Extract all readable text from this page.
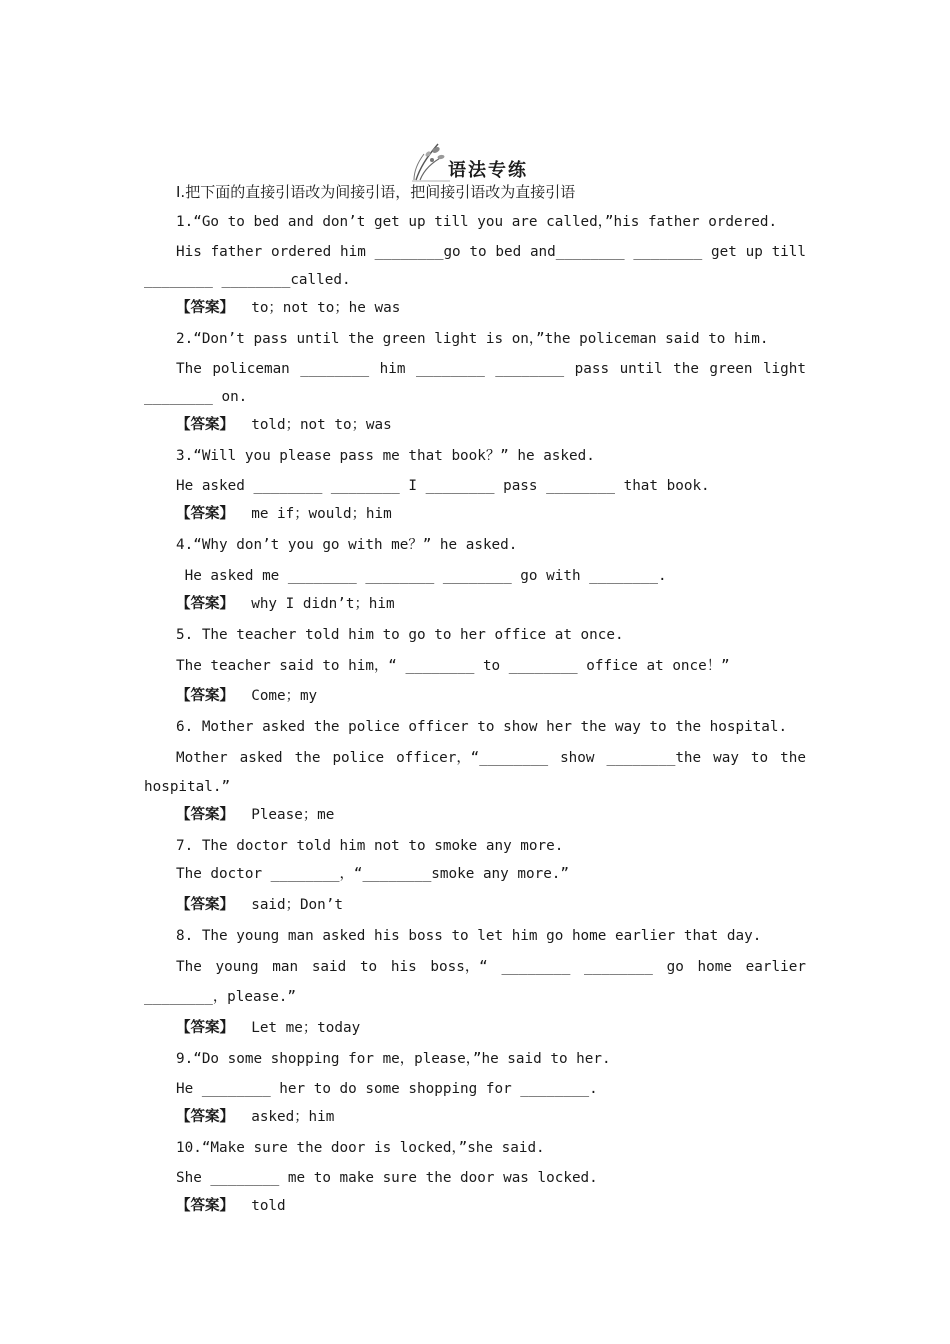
语法专练
Ⅰ.把下面的直接引语改为间接引语，把间接引语改为直接引语
1.“Go to bed and don’t get up till you are called，”his father ordered.
His father ordered him ________go to bed and________ ________ get up till
________ ________called.
【答案】 to；not to；he was
2.“Don’t pass until the green light is on，”the policeman said to him.
The policeman ________ him ________ ________ pass until the green light
________ on.
【答案】 told；not to；was
3.“Will you please pass me that book？” he asked.
He asked ________ ________ I ________ pass ________ that book.
【答案】 me if；would；him
4.“Why don’t you go with me？” he asked.
He asked me ________ ________ ________ go with ________.
【答案】 why I didn’t；him
5. The teacher told him to go to her office at once.
The teacher said to him，“ ________ to ________ office at once！”
【答案】 Come；my
6. Mother asked the police officer to show her the way to the hospital.
Mother asked the police officer，“________ show ________the way to the
hospital.”
【答案】 Please；me
7. The doctor told him not to smoke any more.
The doctor ________，“________smoke any more.”
【答案】 said；Don’t
8. The young man asked his boss to let him go home earlier that day.
The young man said to his boss，“ ________ ________ go home earlier
________，please.”
【答案】 Let me；today
9.“Do some shopping for me，please，”he said to her.
He ________ her to do some shopping for ________.
【答案】 asked；him
10.“Make sure the door is locked，”she said.
She ________ me to make sure the door was locked.
【答案】 told
